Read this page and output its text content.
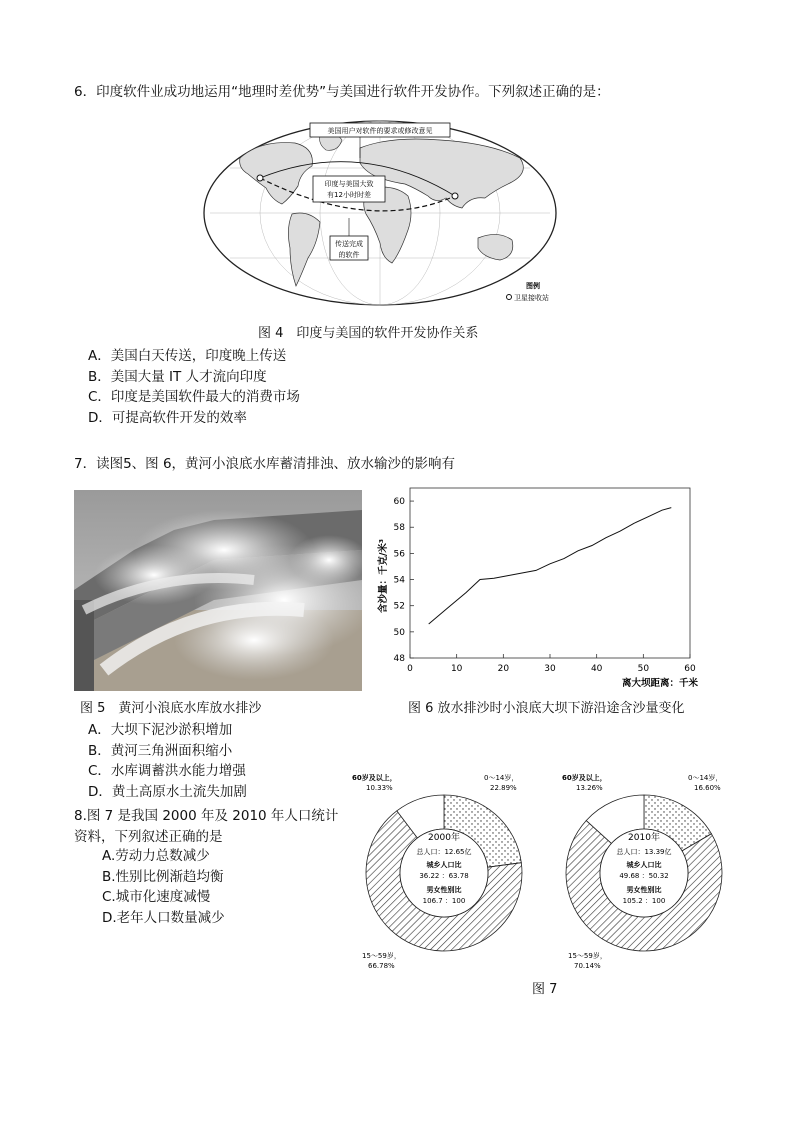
6．印度软件业成功地运用“地理时差优势”与美国进行软件开发协作。下列叙述正确的是：
美国用户对软件的要求或修改意见
印度与美国大致
有12小时时差
传送完成
的软件
图例
卫星接收站
图 4　印度与美国的软件开发协作关系
A．美国白天传送，印度晚上传送
B．美国大量 IT 人才流向印度
C．印度是美国软件最大的消费市场
D．可提高软件开发的效率
7．读图5、图 6，黄河小浪底水库蓄清排浊、放水输沙的影响有
48
50
52
54
56
58
60
0	10	20	30	40	50	60
含沙量：千克/米³
离大坝距离：千米
图 5　黄河小浪底水库放水排沙	图 6 放水排沙时小浪底大坝下游沿途含沙量变化
A．大坝下泥沙淤积增加
B．黄河三角洲面积缩小
C．水库调蓄洪水能力增强
D．黄土高原水土流失加剧
8.图 7 是我国 2000 年及 2010 年人口统计
资料，下列叙述正确的是
A.劳动力总数减少
B.性别比例渐趋均衡
C.城市化速度减慢
D.老年人口数量减少
2000年
总人口：12.65亿
城乡人口比
36.22 ：63.78
男女性别比
106.7 ：100
60岁及以上，
10.33%
0～14岁，
22.89%
15～59岁，
66.78%
2010年
总人口：13.39亿
城乡人口比
49.68 ：50.32
男女性别比
105.2 ：100
60岁及以上，
13.26%
0～14岁，
16.60%
15～59岁，
70.14%
图 7
